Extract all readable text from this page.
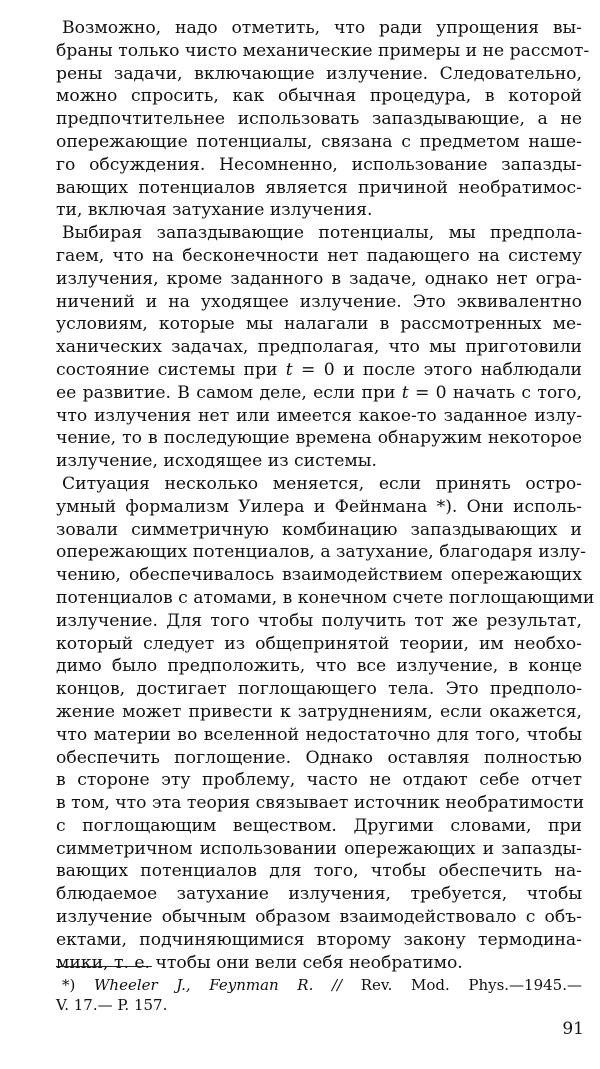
Возможно, надо отметить, что ради упрощения вы-
браны только чисто механические примеры и не рассмот-
рены задачи, включающие излучение. Следовательно,
можно спросить, как обычная процедура, в которой
предпочтительнее использовать запаздывающие, а не
опережающие потенциалы, связана с предметом наше-
го обсуждения. Несомненно, использование запазды-
вающих потенциалов является причиной необратимос-
ти, включая затухание излучения.

Выбирая запаздывающие потенциалы, мы предпола-
гаем, что на бесконечности нет падающего на систему
излучения, кроме заданного в задаче, однако нет огра-
ничений и на уходящее излучение. Это эквивалентно
условиям, которые мы налагали в рассмотренных ме-
ханических задачах, предполагая, что мы приготовили
состояние системы при t = 0 и после этого наблюдали
ее развитие. В самом деле, если при t = 0 начать с того,
что излучения нет или имеется какое-то заданное излу-
чение, то в последующие времена обнаружим некоторое
излучение, исходящее из системы.

Ситуация несколько меняется, если принять остро-
умный формализм Уилера и Фейнмана *). Они исполь-
зовали симметричную комбинацию запаздывающих и
опережающих потенциалов, а затухание, благодаря излу-
чению, обеспечивалось взаимодействием опережающих
потенциалов с атомами, в конечном счете поглощающими
излучение. Для того чтобы получить тот же результат,
который следует из общепринятой теории, им необхо-
димо было предположить, что все излучение, в конце
концов, достигает поглощающего тела. Это предполо-
жение может привести к затруднениям, если окажется,
что материи во вселенной недостаточно для того, чтобы
обеспечить поглощение. Однако оставляя полностью
в стороне эту проблему, часто не отдают себе отчет
в том, что эта теория связывает источник необратимости
с поглощающим веществом. Другими словами, при
симметричном использовании опережающих и запазды-
вающих потенциалов для того, чтобы обеспечить на-
блюдаемое затухание излучения, требуется, чтобы
излучение обычным образом взаимодействовало с объ-
ектами, подчиняющимися второму закону термодина-
мики, т. е. чтобы они вели себя необратимо.

*) Wheeler J., Feynman R. // Rev. Mod. Phys.—1945.—
V. 17.— P. 157.
91
